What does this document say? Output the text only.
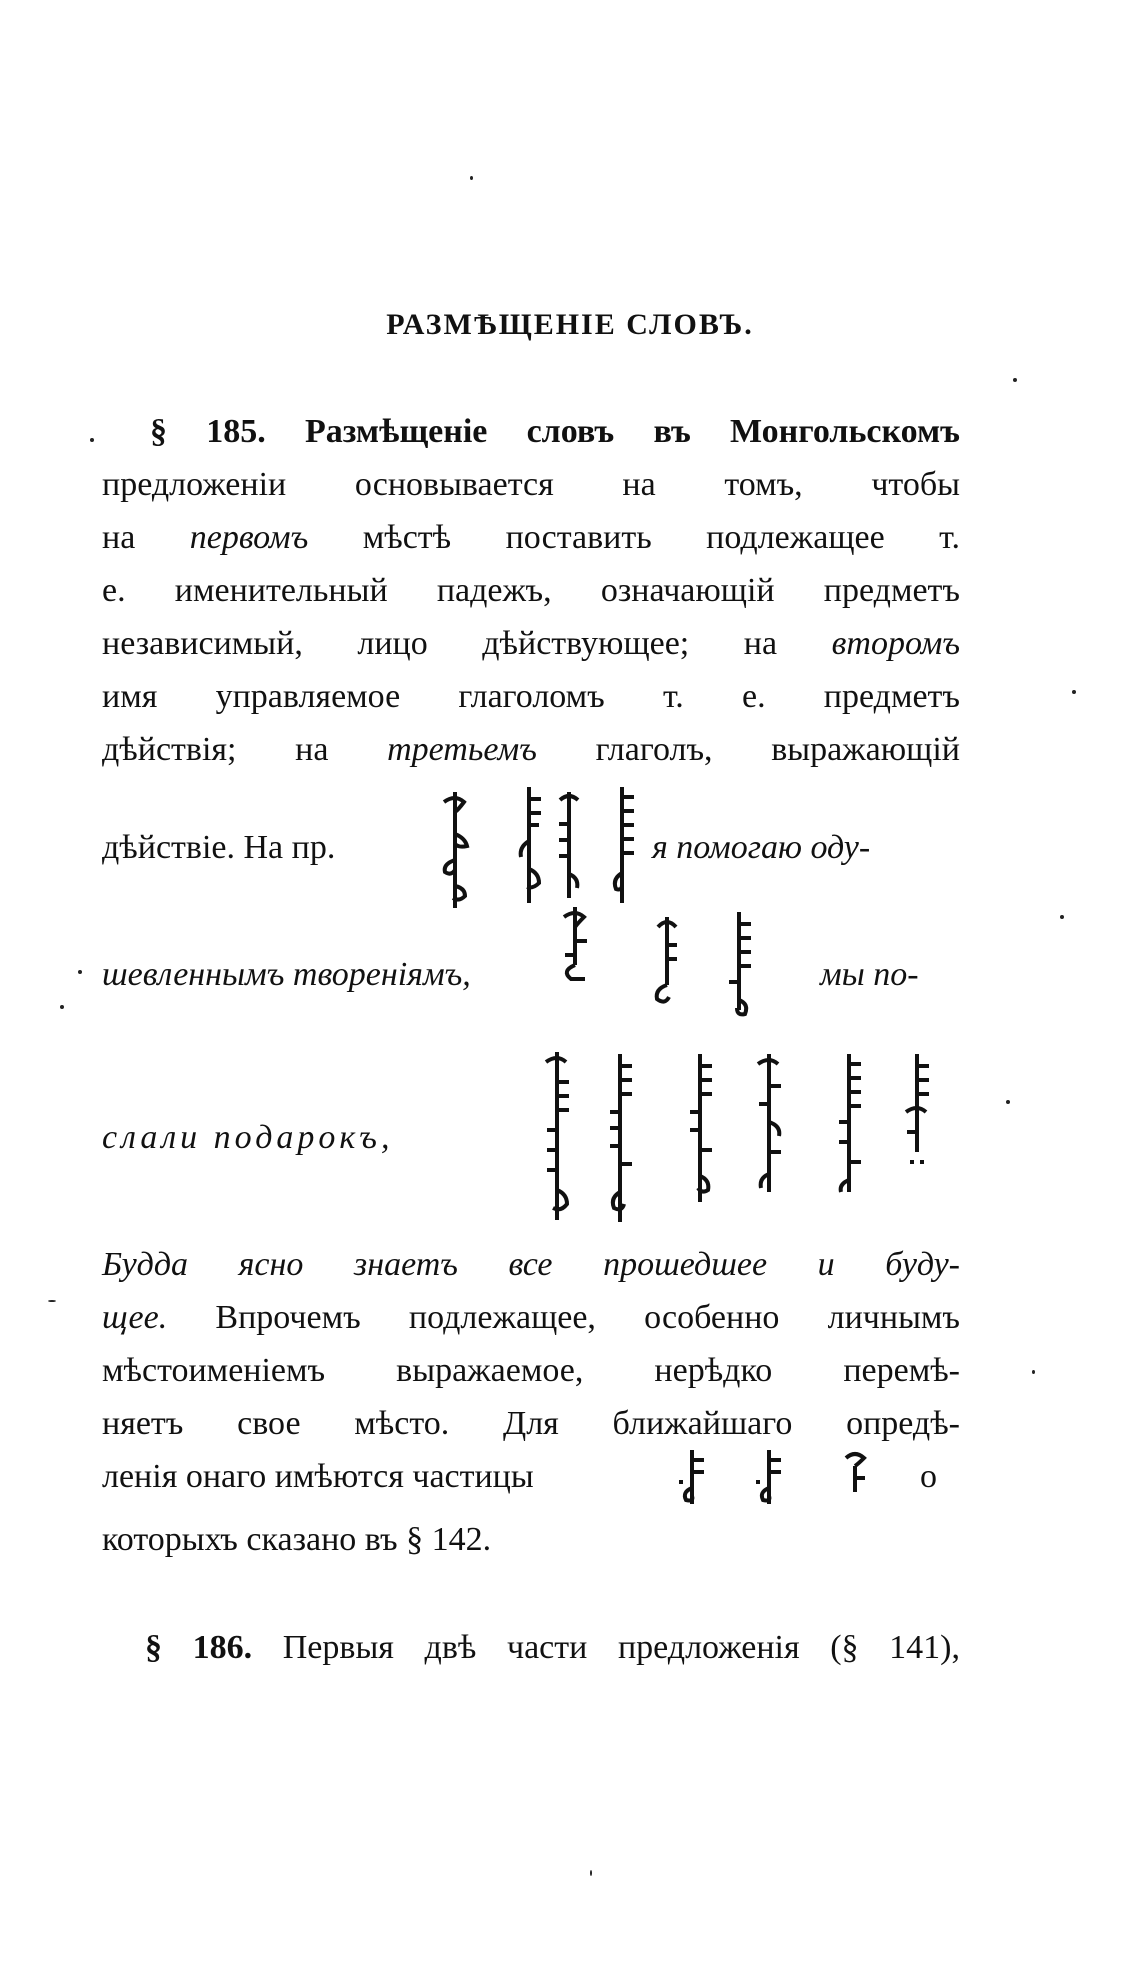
РАЗМѢЩЕНІЕ СЛОВЪ.
§ 185. Размѣщеніе словъ въ Монгольскомъ
предложеніи основывается на томъ, чтобы
на первомъ мѣстѣ поставить подлежащее т.
е. именительный падежъ, означающій предметъ
независимый, лицо дѣйствующее; на второмъ
имя управляемое глаголомъ т. е. предметъ
дѣйствія; на третьемъ глаголъ, выражающій
дѣйствіе. На пр.	я помогаю оду-
шевленнымъ твореніямъ,	мы по-
слали подарокъ,
Будда ясно знаетъ все прошедшее и буду-
щее. Впрочемъ подлежащее, особенно личнымъ
мѣстоименіемъ выражаемое, нерѣдко перемѣ-
няетъ свое мѣсто. Для ближайшаго опредѣ-
ленія онаго имѣются частицы	о
которыхъ сказано въ § 142.
§ 186. Первыя двѣ части предложенія (§ 141),
